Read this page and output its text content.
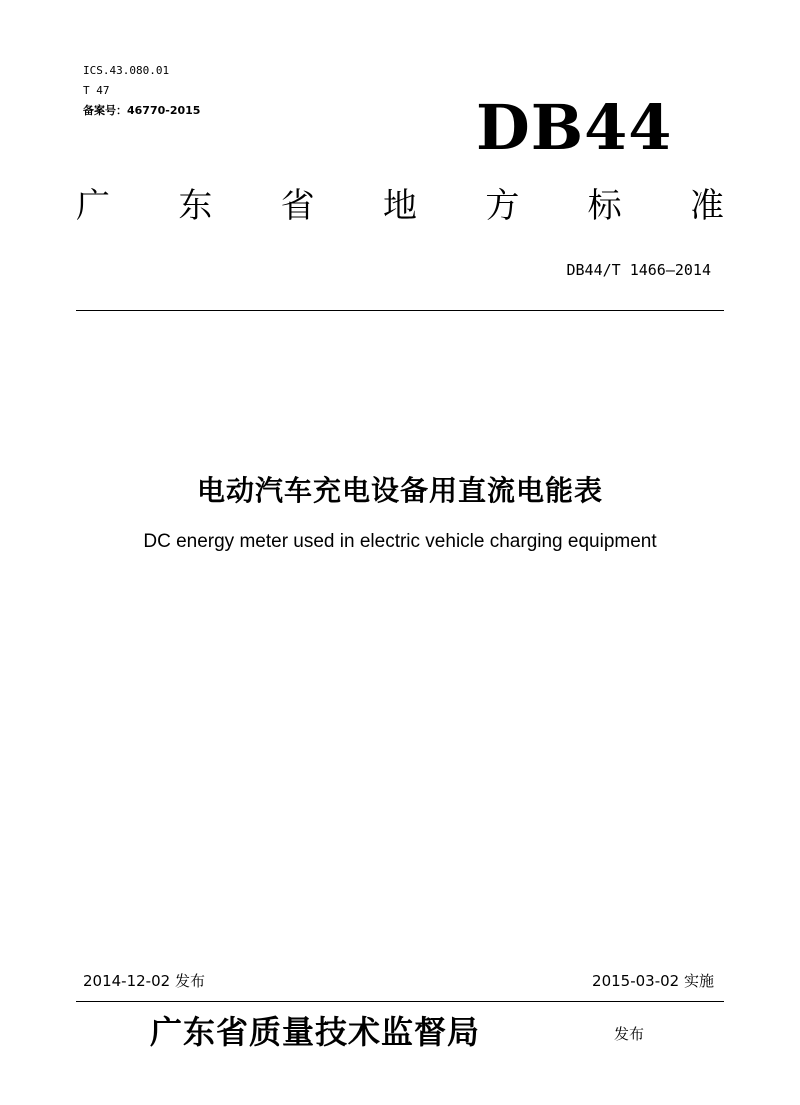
ICS.43.080.01
T 47
备案号：46770-2015	DB44
广 东 省 地 方 标 准
DB44/T 1466—2014
电动汽车充电设备用直流电能表
DC energy meter used in electric vehicle charging equipment
2014-12-02 发布	2015-03-02 实施
广东省质量技术监督局	发布
